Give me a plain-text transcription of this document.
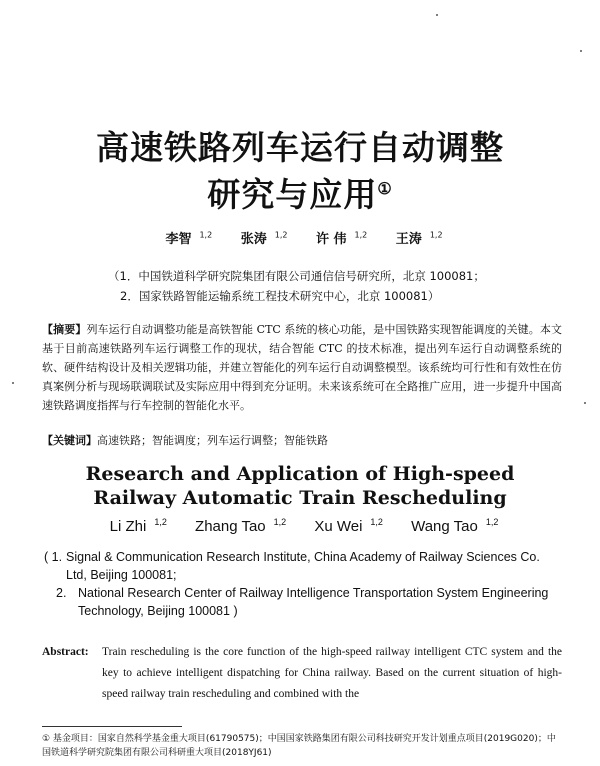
高速铁路列车运行自动调整
研究与应用①
李智 $^{1,2}$ 张涛 $^{1,2}$ 许 伟 $^{1,2}$ 王涛 $^{1,2}$
（1．中国铁道科学研究院集团有限公司通信信号研究所，北京 100081；
2．国家铁路智能运输系统工程技术研究中心，北京 100081）
【摘要】列车运行自动调整功能是高铁智能 CTC 系统的核心功能，是中国铁路实现智能调度的关键。本文基于目前高速铁路列车运行调整工作的现状，结合智能 CTC 的技术标准，提出列车运行自动调整系统的软、硬件结构设计及相关逻辑功能，并建立智能化的列车运行自动调整模型。该系统均可行性和有效性在仿真案例分析与现场联调联试及实际应用中得到充分证明。未来该系统可在全路推广应用，进一步提升中国高速铁路调度指挥与行车控制的智能化水平。
【关键词】高速铁路；智能调度；列车运行调整；智能铁路
Research and Application of High-speed
Railway Automatic Train Rescheduling
Li Zhi $^{1,2}$ Zhang Tao $^{1,2}$ Xu Wei $^{1,2}$ Wang Tao $^{1,2}$
( 1. Signal & Communication Research Institute, China Academy of Railway Sciences Co. Ltd, Beijing 100081;
2. National Research Center of Railway Intelligence Transportation System Engineering Technology, Beijing 100081 )
Abstract: Train rescheduling is the core function of the high-speed railway intelligent CTC system and the key to achieve intelligent dispatching for China railway. Based on the current situation of high-speed railway train rescheduling and combined with the
① 基金项目：国家自然科学基金重大项目(61790575)；中国国家铁路集团有限公司科技研究开发计划重点项目(2019G020)；中国铁道科学研究院集团有限公司科研重大项目(2018YJ61)
